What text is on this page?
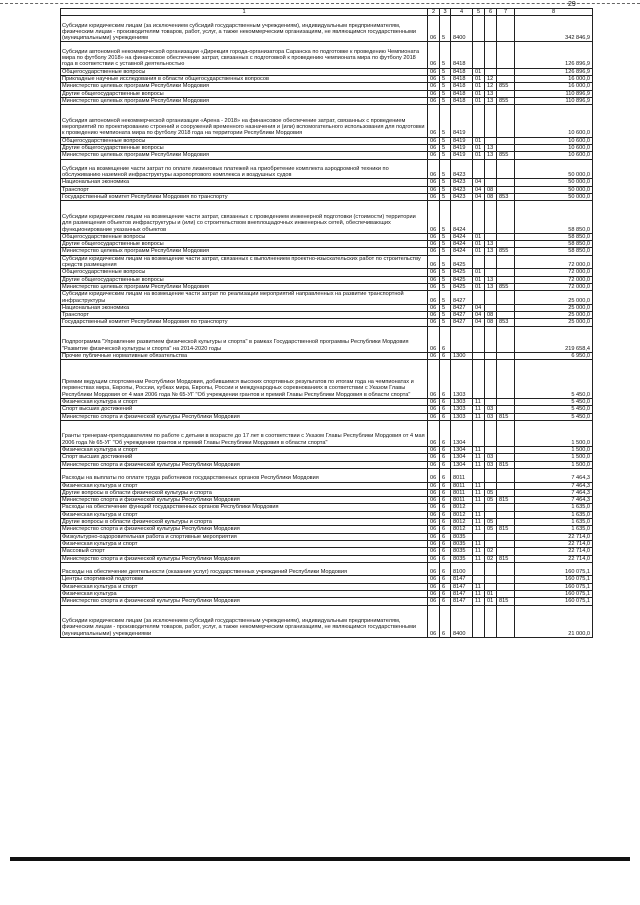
29
1	2	3	4	5	6	7	8
Субсидии юридическим лицам (за исключением субсидий государственным учреждениям), индивидуальным предпринимателям, физическим лицам - производителям товаров, работ, услуг, а также некоммерческим организациям, не являющимся государственными (муниципальными) учреждениям	06	5	8400				342 846,9
Субсидии автономной некоммерческой организации «Дирекция города-организатора Саранска по подготовке к проведению Чемпионата мира по футболу 2018» на финансовое обеспечение затрат, связанных с подготовкой к проведению чемпионата мира по футболу 2018 года в соответствии с уставной деятельностью	06	5	8418				126 896,9
Общегосударственные вопросы	06	5	8418	01			126 896,9
Прикладные научные исследования в области общегосударственных вопросов	06	5	8418	01	12		16 000,0
Министерство целевых программ Республики Мордовия	06	5	8418	01	12	855	16 000,0
Другие общегосударственные вопросы	06	5	8418	01	13		110 896,9
Министерство целевых программ Республики Мордовия	06	5	8418	01	13	855	110 896,9
Субсидия автономной некоммерческой организации «Арена - 2018» на финансовое обеспечение затрат, связанных с проведением мероприятий по проектированию строений и сооружений временного назначения и (или) вспомогательного использования для подготовки к проведению чемпионата мира по футболу 2018 года на территории Республики Мордовия	06	5	8419				10 600,0
Общегосударственные вопросы	06	5	8419	01			10 600,0
Другие общегосударственные вопросы	06	5	8419	01	13		10 600,0
Министерство целевых программ Республики Мордовия	06	5	8419	01	13	855	10 600,0
Субсидия на возмещение части затрат по оплате лизинговых платежей на приобретение комплекта аэродромной техники по обслуживанию наземной инфраструктуры аэропортового комплекса и воздушных судов	06	5	8423				50 000,0
Национальная экономика	06	5	8423	04			50 000,0
Транспорт	06	5	8423	04	08		50 000,0
Государственный комитет Республики Мордовия по транспорту	06	5	8423	04	08	853	50 000,0
Субсидии юридическим лицам на возмещение части затрат, связанных с проведением инженерной подготовки (стоимости) территории для размещения объектов инфраструктуры и (или) со строительством внеплощадочных инженерных сетей, обеспечивающих функционирование указанных объектов	06	5	8424				58 850,0
Общегосударственные вопросы	06	5	8424	01			58 850,0
Другие общегосударственные вопросы	06	5	8424	01	13		58 850,0
Министерство целевых программ Республики Мордовия	06	5	8424	01	13	855	58 850,0
Субсидии юридическим лицам на возмещение части затрат, связанных с выполнением проектно-изыскательских работ по строительству средств размещения	06	5	8425				72 000,0
Общегосударственные вопросы	06	5	8425	01			72 000,0
Другие общегосударственные вопросы	06	5	8425	01	13		72 000,0
Министерство целевых программ Республики Мордовия	06	5	8425	01	13	855	72 000,0
Субсидии юридическим лицам на возмещение части затрат по реализации мероприятий направленных на развитие транспортной инфраструктуры	06	5	8427				25 000,0
Национальная экономика	06	5	8427	04			25 000,0
Транспорт	06	5	8427	04	08		25 000,0
Государственный комитет Республики Мордовия по транспорту	06	5	8427	04	08	853	25 000,0
Подпрограмма "Управление развитием физической культуры и спорта" в рамках Государственной программы Республики Мордовия "Развитие физической культуры и спорта" на 2014-2020 годы	06	6					219 658,4
Прочие публичные нормативные обязательства	06	6	1300				6 950,0
Премии ведущим спортсменам Республики Мордовия, добившимся высоких спортивных результатов по итогам года на чемпионатах и первенствах мира, Европы, России, кубках мира, Европы, России и международных соревнованиях в соответствии с Указом Главы Республики Мордовия от 4 мая 2006 года № 65-УГ "Об учреждении грантов и премий Главы Республики Мордовия в области спорта"	06	6	1303				5 450,0
Физическая культура и спорт	06	6	1303	11			5 450,0
Спорт высших достижений	06	6	1303	11	03		5 450,0
Министерство спорта и физической культуры Республики Мордовия	06	6	1303	11	03	815	5 450,0
Гранты тренерам-преподавателям по работе с детьми в возрасте до 17 лет в соответствии с Указом Главы Республики Мордовия от 4 мая 2006 года № 65-УГ "Об учреждении грантов и премий Главы Республики Мордовия в области спорта"	06	6	1304				1 500,0
Физическая культура и спорт	06	6	1304	11			1 500,0
Спорт высших достижений	06	6	1304	11	03		1 500,0
Министерство спорта и физической культуры Республики Мордовия	06	6	1304	11	03	815	1 500,0
Расходы на выплаты по оплате труда работников государственных органов Республики Мордовия	06	6	8011				7 464,3
Физическая культура и спорт	06	6	8011	11			7 464,3
Другие вопросы в области физической культуры и спорта	06	6	8011	11	05		7 464,3
Министерство спорта и физической культуры Республики Мордовия	06	6	8011	11	05	815	7 464,3
Расходы на обеспечение функций государственных органов Республики Мордовия	06	6	8012				1 635,0
Физическая культура и спорт	06	6	8012	11			1 635,0
Другие вопросы в области физической культуры и спорта	06	6	8012	11	05		1 635,0
Министерство спорта и физической культуры Республики Мордовия	06	6	8012	11	05	815	1 635,0
Физкультурно-оздоровительная работа и спортивные мероприятия	06	6	8035				22 714,0
Физическая культура и спорт	06	6	8035	11			22 714,0
Массовый спорт	06	6	8035	11	02		22 714,0
Министерство спорта и физической культуры Республики Мордовия	06	6	8035	11	02	815	22 714,0
Расходы на обеспечение деятельности (оказание услуг) государственных учреждений Республики Мордовия	06	6	8100				160 075,1
Центры спортивной подготовки	06	6	8147				160 075,1
Физическая культура и спорт	06	6	8147	11			160 075,1
Физическая культура	06	6	8147	11	01		160 075,1
Министерство спорта и физической культуры Республики Мордовия	06	6	8147	11	01	815	160 075,1
Субсидии юридическим лицам (за исключением субсидий государственным учреждениям), индивидуальным предпринимателям, физическим лицам - производителям товаров, работ, услуг, а также некоммерческим организациям, не являющимся государственными (муниципальными) учреждениями	06	6	8400				21 000,0
